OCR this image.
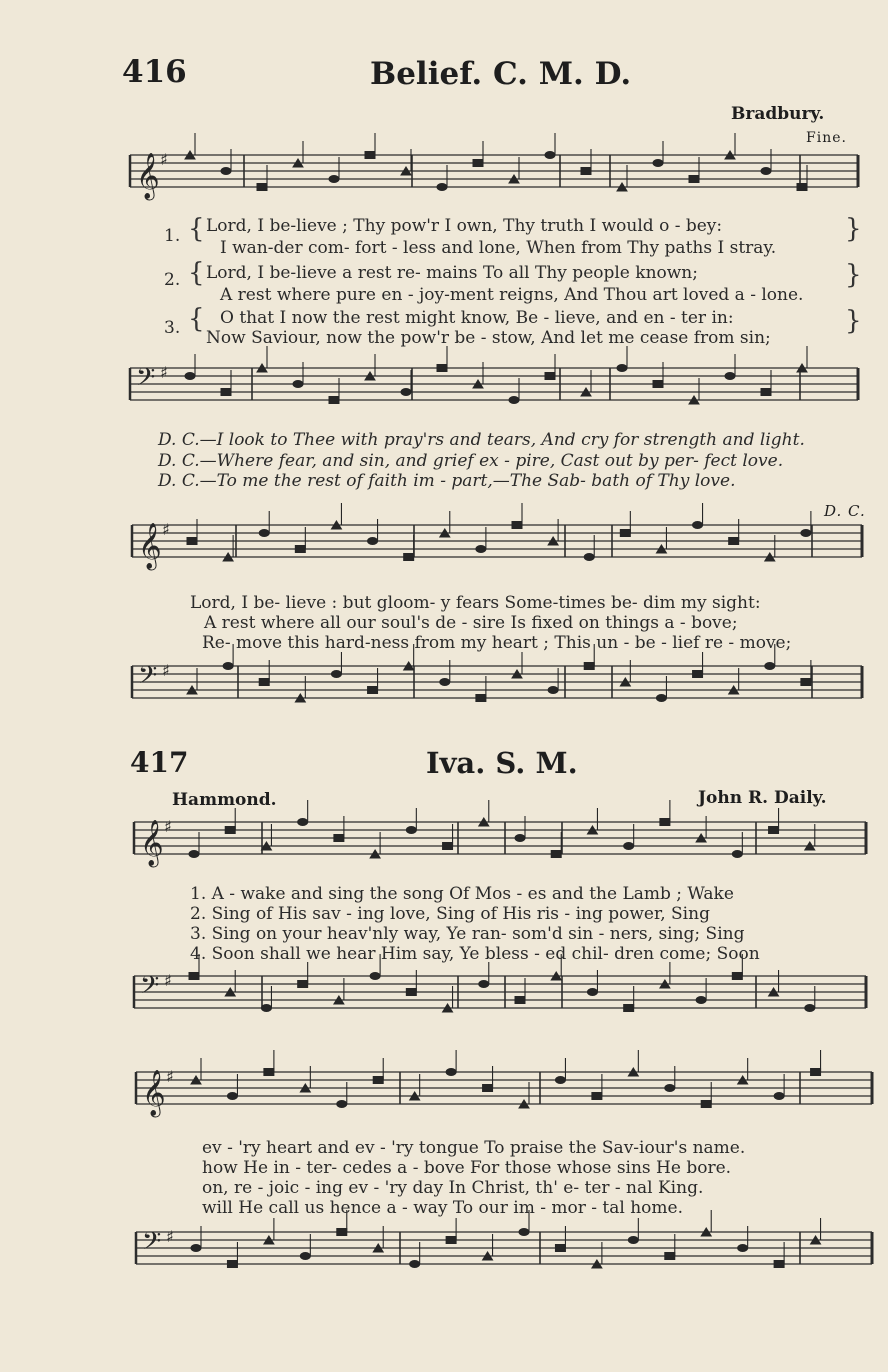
416	Belief. C. M. D.
Bradbury.
Fine.
𝄞 ♯
𝄢 ♯
𝄞 ♯
𝄢 ♯
𝄞 ♯
𝄢 ♯
𝄞 ♯
𝄢 ♯
1. { Lord, I be-lieve ; Thy pow'r I own, Thy truth I would o - bey:
I wan-der com- fort - less and lone, When from Thy paths I stray.
}
2. { Lord, I be-lieve a rest re- mains To all Thy people known;
A rest where pure en - joy-ment reigns, And Thou art loved a - lone.
}
3. { O that I now the rest might know, Be - lieve, and en - ter in:
Now Saviour, now the pow'r be - stow, And let me cease from sin;
}
D. C.—I look to Thee with pray'rs and tears, And cry for strength and light.
D. C.—Where fear, and sin, and grief ex - pire, Cast out by per- fect love.
D. C.—To me the rest of faith im - part,—The Sab- bath of Thy love.
D. C.
Lord, I be- lieve : but gloom- y fears Some-times be- dim my sight:
A rest where all our soul's de - sire Is fixed on things a - bove;
Re- move this hard-ness from my heart ; This un - be - lief re - move;
417	Iva. S. M.
Hammond.	John R. Daily.
1. A - wake and sing the song Of Mos - es and the Lamb ; Wake
2. Sing of His sav - ing love, Sing of His ris - ing power, Sing
3. Sing on your heav'nly way, Ye ran- som'd sin - ners, sing; Sing
4. Soon shall we hear Him say, Ye bless - ed chil- dren come; Soon
ev - 'ry heart and ev - 'ry tongue To praise the Sav-iour's name.
how He in - ter- cedes a - bove For those whose sins He bore.
on, re - joic - ing ev - 'ry day In Christ, th' e- ter - nal King.
will He call us hence a - way To our im - mor - tal home.
